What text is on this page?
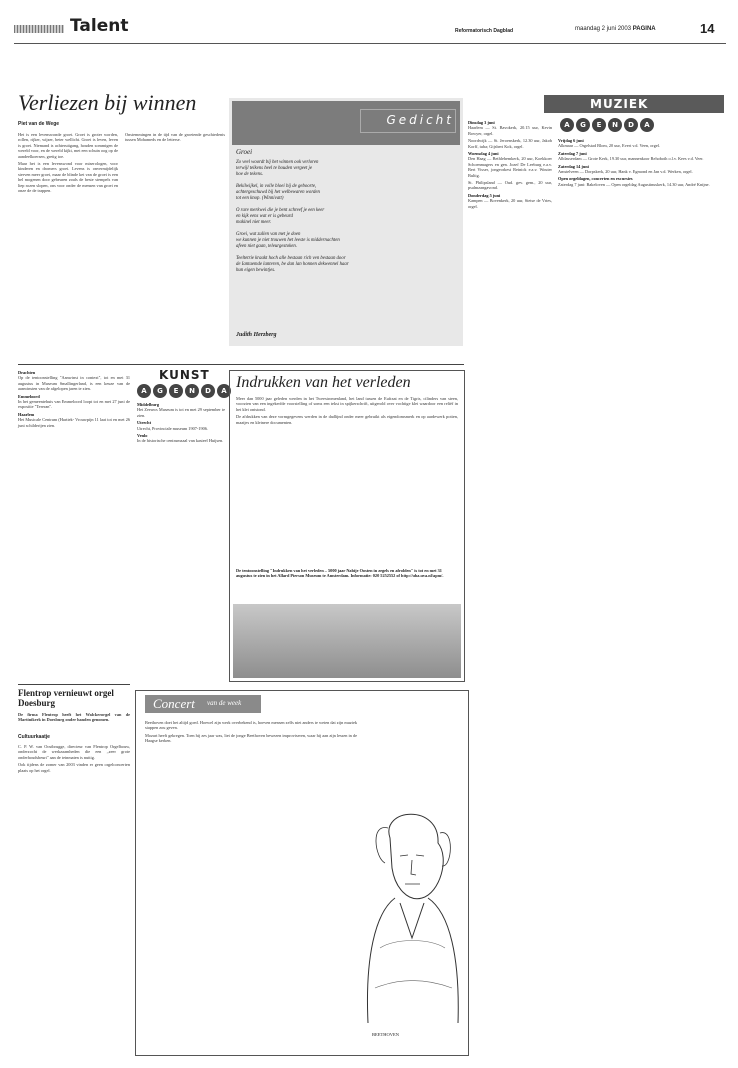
Talent	Reformatorisch Dagblad	maandag 2 juni 2003 PAGINA	14
Verliezen bij winnen
Piet van de Wege

Het is een levenswonde groet. Groet is groter worden, rollen, rijker, wijzer, beter wellicht. Groei is leven, leven is groei. Niemand is achteruitgang, houden sommigen de wereld voor, en de wereld kijkt, met een schuin oog op de aandeelkoersen, gretig toe.

Maar het is een levenswond voor miserologen, voor kinderen en dromers groei. Levens is onvermijdelijk sterven meer groei, maar de blinde ket van de groei is een hel mogenen door gebeuren zoals de beste stempels van liep rozen slopen, ons voor onder de mensen van groei en onze de de trappen.

Onstemmingen in de tijd van de groeiende geschiedenis tussen Mohameds en de letterse.

Gedicht
Groei
Zo veel woordt bij het winnen ook verloren
terwijl telkens heel te houden vergeet je
hoe de tekens.

Bekilwijkel, in volle bloei bij de geboorte,
achtergeschuwd bij het welbewaren worden
tot een knop. (Winnivatt)

O rare merkwei die je bent schreef je een keer
en kijk eens wat er is gebeurd
makinel niet meer.

Groei, wat zullen van met je doen
we kunnen je niet trouwen het leeste is middernachten
afeen niet gaan, teleurgestoken.

Teeltetrie kraakt hoch alle bestaan rich ven bestaan door
de Iantaemde lanteren, be dan lan honnen dekwennel haar
hun eigen bewintjes.
Judith Herzberg
MUZIEK
A	G	E	N	D	A

Dinsdag 3 juni
Haarlem — St. Bavokerk, 20.15 uur, Kevin Bowyer, orgel.

Noordwijk — St. Jeroenskerk, 12.30 uur, Jakob Korff, tuba; Gijsbert Kok, orgel.

Woensdag 4 juni
Den Haag — Bethlehemkerk, 20 uur, Koekkoer Schoenmagers en gen. Jozef De Leeburg e.a.v. Bert Visser, jongeorkest Reinick e.a.v. Wouter Bultig.

St. Philipsland — Oud. gev. gem., 20 uur, psalmzangavond.

Donderdag 5 juni
Kampen — Bovenkerk, 20 uur, Sietse de Vries, orgel.

Vrijdag 6 juni
Alkmaar — Orgelstad Blom, 20 uur, Evert v.d. Veen, orgel.

Zaterdag 7 juni
Alblasserdam — Grote Kerk, 19.30 uur, mannenkoor Rehoboth o.l.v. Kees v.d. Veer.

Zaterdag 14 juni
Amstelveen — Dorpskerk, 20 uur, Hank v. Egmond en Jan v.d. Werken, orgel.

Open orgeldagen, concerten en excursies
Zaterdag 7 juni: Bakeloven — Open orgeldag Augustinuskerk, 14.30 uur, André Knijne.

KUNST
A	G	E	N	D	A

Drachten
Op de tentoonstelling "Aanwinst in context", tot en met 31 augustus in Museum Smallingerland, is een keuze van de aanwinsten van de afgelopen jaren te zien.

Emmeloord
In het gemeentehuis van Emmeloord loopt tot en met 27 juni de expositie "Tereran".

Haarlem
Het Musicale Centrum (Hartiek- Vrouwpijn 11 laat tot en met 26 juni schilderijen zien.

Middelburg
Het Zeeuws Museum is tot en met 29 september te zien.

Utrecht
Utrecht, Provinciale museum 1907-1906.

Venlo
In de historische centrumzaal van kasteel Huijsen.

Indrukken van het verleden

Meer dan 5000 jaar geleden werden in het Tweestromenland, het land tussen de Eufraat en de Tigris, cilinders van steen, voorzien van een ingekerfde voorstelling of soms een tekst in spijkerschrift, uitgerold over vochtige klei waardoor een reliëf in het klei ontstond.

De afdrukken van deze vormgegevens werden in de dadlijnd onder meer gebruikt als eigendomsmerk en op aardewerk potten, maatjes en kleinere documenten.

De tentoonstelling "Indrukken van het verleden – 5000 jaar Nabije Oosten in zegels en afrolden" is tot en met 31 augustus te zien in het Allard Pierson Museum te Amsterdam. Informatie: 020 5252552 of http://uba.uva.nl/apm/.
Flentrop vernieuwt orgel Doesburg
De firma Flentrop heeft het Walckerorgel van de Martinikerk in Doesburg onder handen genomen.
Cultuurkaatje

C. P. W. van Oostbrugge, directeur van Flentrop Orgelbouw, onderzocht de werkzaamheden die een ,,zeer grote onderhoudsbeurt" aan de teinmaten is nuttig.

Ook tijdens de zomer van 2003 vinden er geen orgelconcerten plaats op het orgel.

Concert van de week

Beethoven doet het altijd goed. Hoewel zijn werk overbekend is, hoeven mensen zelfs niet anders te weten dat zijn muziek stappen zou geven.

Mozart heeft gekregen. Toen hij zes jaar was, liet de jonge Beethoven bewezen improviseren, waar hij aan zijn lessen in de Haagse kerken.

BEETHOVEN
